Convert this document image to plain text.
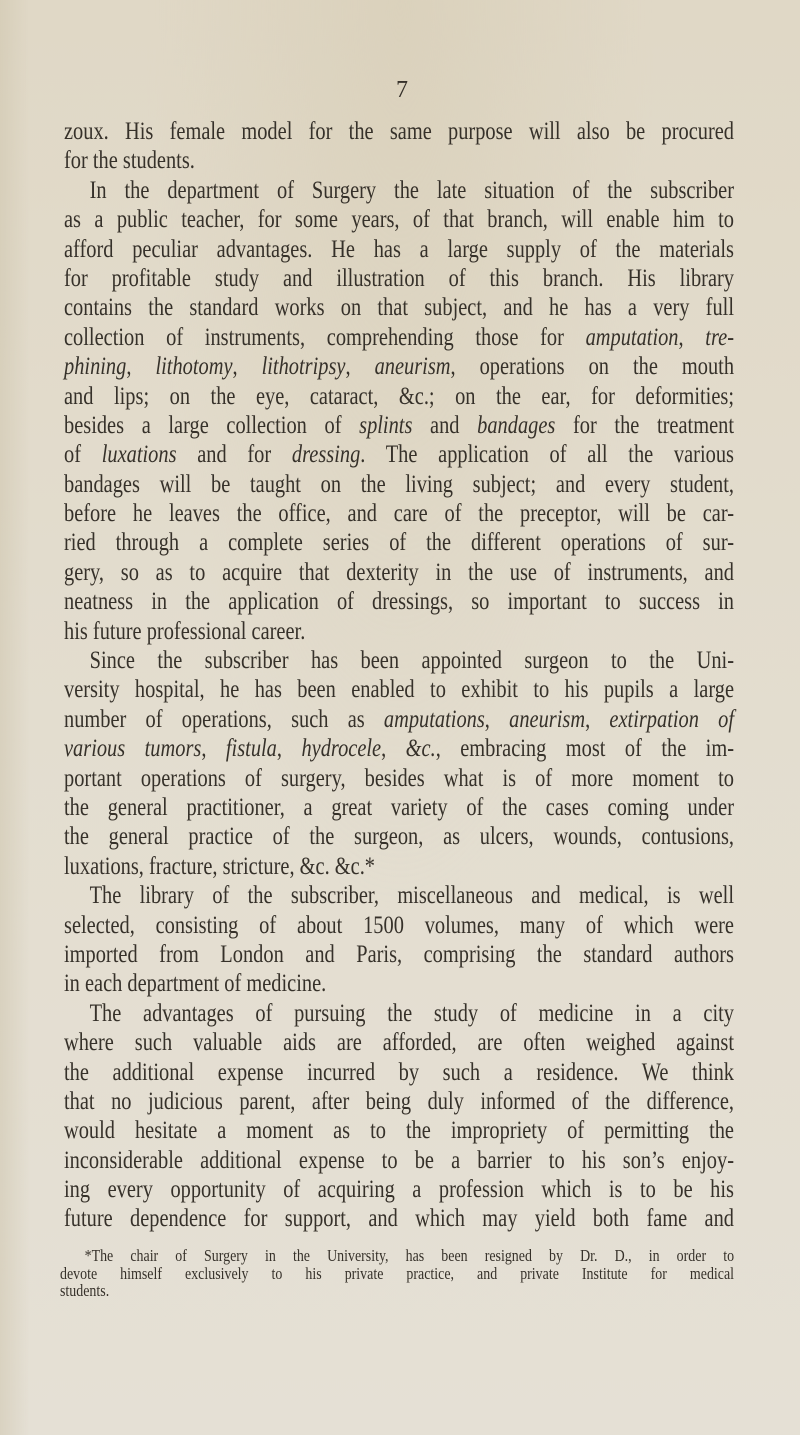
7
zoux. His female model for the same purpose will also be procured
for the students.
In the department of Surgery the late situation of the subscriber
as a public teacher, for some years, of that branch, will enable him to
afford peculiar advantages. He has a large supply of the materials
for profitable study and illustration of this branch. His library
contains the standard works on that subject, and he has a very full
collection of instruments, comprehending those for amputation, tre-
phining, lithotomy, lithotripsy, aneurism, operations on the mouth
and lips; on the eye, cataract, &c.; on the ear, for deformities;
besides a large collection of splints and bandages for the treatment
of luxations and for dressing. The application of all the various
bandages will be taught on the living subject; and every student,
before he leaves the office, and care of the preceptor, will be car-
ried through a complete series of the different operations of sur-
gery, so as to acquire that dexterity in the use of instruments, and
neatness in the application of dressings, so important to success in
his future professional career.
Since the subscriber has been appointed surgeon to the Uni-
versity hospital, he has been enabled to exhibit to his pupils a large
number of operations, such as amputations, aneurism, extirpation of
various tumors, fistula, hydrocele, &c., embracing most of the im-
portant operations of surgery, besides what is of more moment to
the general practitioner, a great variety of the cases coming under
the general practice of the surgeon, as ulcers, wounds, contusions,
luxations, fracture, stricture, &c. &c.*
The library of the subscriber, miscellaneous and medical, is well
selected, consisting of about 1500 volumes, many of which were
imported from London and Paris, comprising the standard authors
in each department of medicine.
The advantages of pursuing the study of medicine in a city
where such valuable aids are afforded, are often weighed against
the additional expense incurred by such a residence. We think
that no judicious parent, after being duly informed of the difference,
would hesitate a moment as to the impropriety of permitting the
inconsiderable additional expense to be a barrier to his son’s enjoy-
ing every opportunity of acquiring a profession which is to be his
future dependence for support, and which may yield both fame and
*The chair of Surgery in the University, has been resigned by Dr. D., in order to
devote himself exclusively to his private practice, and private Institute for medical
students.
